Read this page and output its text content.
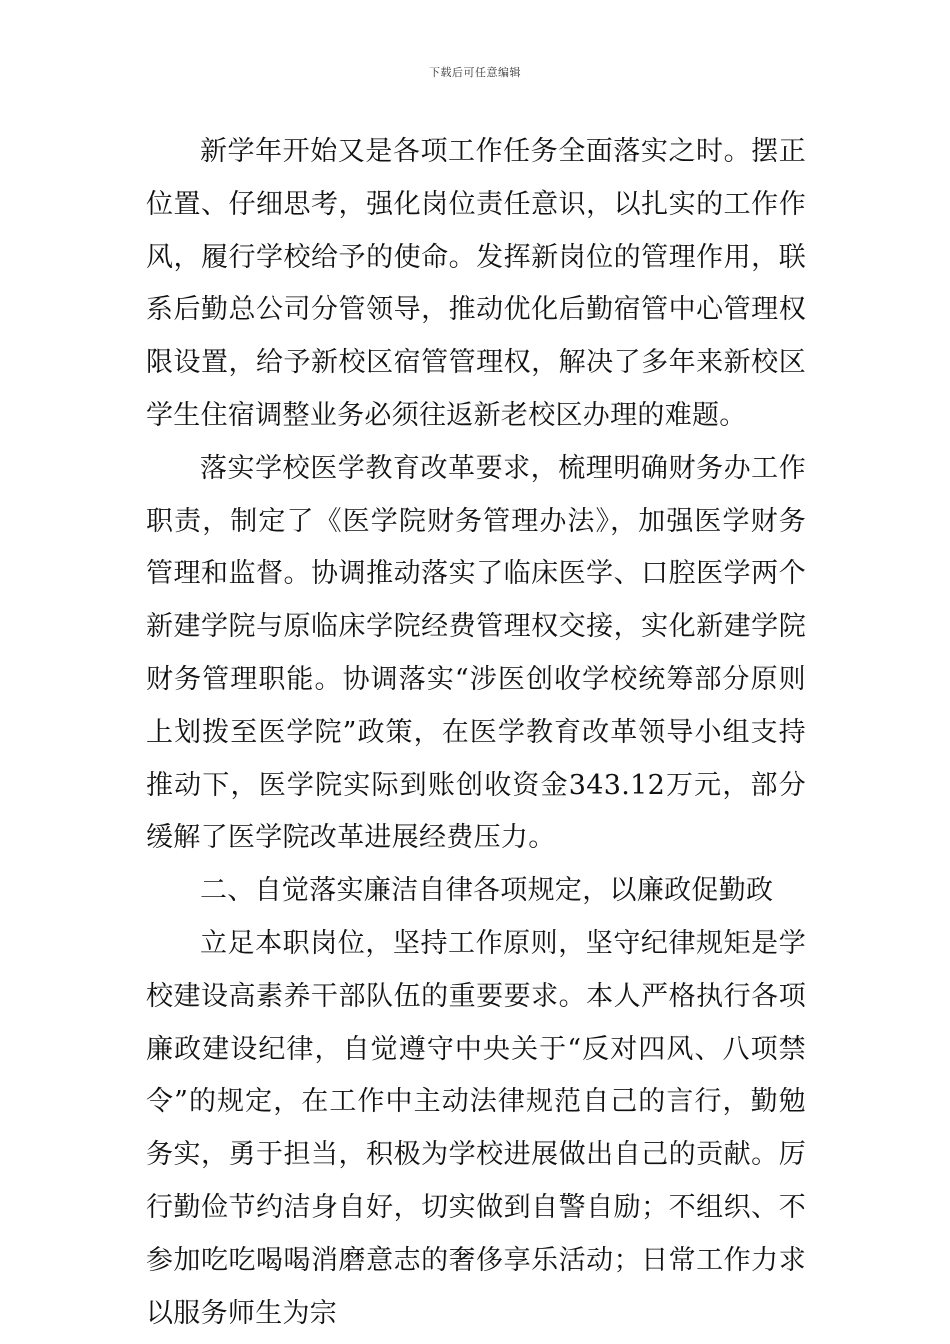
下载后可任意编辑

新学年开始又是各项工作任务全面落实之时。摆正位置、仔细思考，强化岗位责任意识，以扎实的工作作风，履行学校给予的使命。发挥新岗位的管理作用，联系后勤总公司分管领导，推动优化后勤宿管中心管理权限设置，给予新校区宿管管理权，解决了多年来新校区学生住宿调整业务必须往返新老校区办理的难题。

落实学校医学教育改革要求，梳理明确财务办工作职责，制定了《医学院财务管理办法》，加强医学财务管理和监督。协调推动落实了临床医学、口腔医学两个新建学院与原临床学院经费管理权交接，实化新建学院财务管理职能。协调落实“涉医创收学校统筹部分原则上划拨至医学院”政策，在医学教育改革领导小组支持推动下，医学院实际到账创收资金343.12万元，部分缓解了医学院改革进展经费压力。

二、自觉落实廉洁自律各项规定，以廉政促勤政

立足本职岗位，坚持工作原则，坚守纪律规矩是学校建设高素养干部队伍的重要要求。本人严格执行各项廉政建设纪律，自觉遵守中央关于“反对四风、八项禁令”的规定，在工作中主动法律规范自己的言行，勤勉务实，勇于担当，积极为学校进展做出自己的贡献。厉行勤俭节约洁身自好，切实做到自警自励；不组织、不参加吃吃喝喝消磨意志的奢侈享乐活动；日常工作力求以服务师生为宗
